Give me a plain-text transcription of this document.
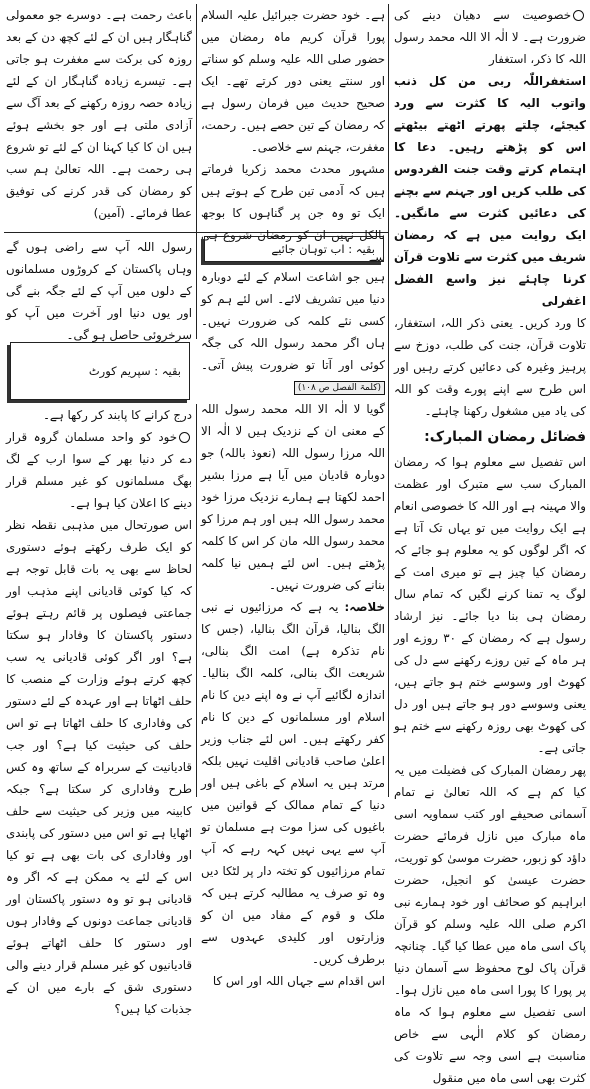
خصوصیت سے دھیان دینے کی ضرورت ہے۔ لا الٰہ الا اللہ محمد رسول اللہ کا ذکر، استغفار

استغفراللّٰہ ربی من کل ذنب واتوب الیہ کا کثرت سے ورد کیجئے، چلتے پھرتے اٹھتے بیٹھتے اس کو پڑھتے رہیں۔ دعا کا اہتمام کرتے وقت جنت الفردوس کی طلب کریں اور جہنم سے بچنے کی دعائیں کثرت سے مانگیں۔ ایک روایت میں ہے کہ رمضان شریف میں کثرت سے تلاوت قرآن کرنا چاہئے نیز واسع الفضل اغفرلی

کا ورد کریں۔ یعنی ذکر اللہ، استغفار، تلاوت قرآن، جنت کی طلب، دوزخ سے پرہیز وغیرہ کی دعائیں کرتے رہیں اور اس طرح سے اپنے پورے وقت کو اللہ کی یاد میں مشغول رکھنا چاہئے۔

فضائل رمضان المبارک:

اس تفصیل سے معلوم ہوا کہ رمضان المبارک سب سے متبرک اور عظمت والا مہینہ ہے اور اللہ کا خصوصی انعام ہے ایک روایت میں تو یہاں تک آتا ہے کہ اگر لوگوں کو یہ معلوم ہو جائے کہ رمضان کیا چیز ہے تو میری امت کے لوگ یہ تمنا کرنے لگیں کہ تمام سال رمضان ہی بنا دیا جائے۔ نیز ارشاد رسول ہے کہ رمضان کے ۳۰ روزے اور ہر ماہ کے تین روزے رکھنے سے دل کی کھوٹ اور وسوسے ختم ہو جاتے ہیں، یعنی وسوسے دور ہو جاتے ہیں اور دل کی کھوٹ بھی روزہ رکھنے سے ختم ہو جاتی ہے۔

پھر رمضان المبارک کی فضیلت میں یہ کیا کم ہے کہ اللہ تعالیٰ نے تمام آسمانی صحیفے اور کتب سماویہ اسی ماہ مبارک میں نازل فرمائے حضرت داؤد کو زبور، حضرت موسیٰ کو توریت، حضرت عیسیٰ کو انجیل، حضرت ابراہیم کو صحائف اور خود ہمارے نبی اکرم صلی اللہ علیہ وسلم کو قرآن پاک اسی ماہ میں عطا کیا گیا۔ چنانچہ قرآن پاک لوح محفوظ سے آسمان دنیا پر پورا کا پورا اسی ماہ میں نازل ہوا۔ اسی تفصیل سے معلوم ہوا کہ ماہ رمضان کو کلام الٰہی سے خاص مناسبت ہے اسی وجہ سے تلاوت کی کثرت بھی اسی ماہ میں منقول

ہے۔ خود حضرت جبرائیل علیہ السلام پورا قرآن کریم ماہ رمضان میں حضور صلی اللہ علیہ وسلم کو سناتے اور سنتے یعنی دور کرتے تھے۔ ایک صحیح حدیث میں فرمان رسول ہے کہ رمضان کے تین حصے ہیں۔ رحمت، مغفرت، جہنم سے خلاصی۔

مشہور محدث محمد زکریا فرماتے ہیں کہ آدمی تین طرح کے ہوتے ہیں ایک تو وہ جن پر گناہوں کا بوجھ بالکل نہیں ان کو رمضان شروع ہی سے

باعث رحمت ہے۔ دوسرے جو معمولی گناہگار ہیں ان کے لئے کچھ دن کے بعد روزہ کی برکت سے مغفرت ہو جاتی ہے۔ تیسرے زیادہ گناہگار ان کے لئے زیادہ حصہ روزہ رکھنے کے بعد آگ سے آزادی ملتی ہے اور جو بخشے ہوئے ہیں ان کا کیا کہنا ان کے لئے تو شروع ہی رحمت ہے۔ اللہ تعالیٰ ہم سب کو رمضان کی قدر کرنے کی توفیق عطا فرمائے۔ (آمین)

بقیہ : اب توہان جائیے

رسول اللہ آپ سے راضی ہوں گے وہاں پاکستان کے کروڑوں مسلمانوں کے دلوں میں آپ کے لئے جگہ بنے گی اور یوں دنیا اور آخرت میں آپ کو سرخروئی حاصل ہو گی۔

بقیہ : سپریم کورٹ

ہیں جو اشاعت اسلام کے لئے دوبارہ دنیا میں تشریف لائے۔ اس لئے ہم کو کسی نئے کلمہ کی ضرورت نہیں۔ ہاں اگر محمد رسول اللہ کی جگہ کوئی اور آتا تو ضرورت پیش آتی۔ (کلمۃ الفصل ص ۱۰۸)

گویا لا الٰہ الا اللہ محمد رسول اللہ کے معنی ان کے نزدیک ہیں لا الٰہ الا اللہ مرزا رسول اللہ (نعوذ باللہ) جو دوبارہ قادیان میں آیا ہے مرزا بشیر احمد لکھتا ہے ہمارے نزدیک مرزا خود محمد رسول اللہ ہیں اور ہم مرزا کو محمد رسول اللہ مان کر اس کا کلمہ پڑھتے ہیں۔ اس لئے ہمیں نیا کلمہ بنانے کی ضرورت نہیں۔

خلاصہ: یہ ہے کہ مرزائیوں نے نبی الگ بنالیا، قرآن الگ بنالیا، (جس کا نام تذکرہ ہے) امت الگ بنالی، شریعت الگ بنالی، کلمہ الگ بنالیا۔ اندازہ لگائیے آپ نے وہ اپنے دین کا نام اسلام اور مسلمانوں کے دین کا نام کفر رکھتے ہیں۔ اس لئے جناب وزیر اعلیٰ صاحب قادیانی اقلیت نہیں بلکہ مرتد ہیں یہ اسلام کے باغی ہیں اور دنیا کے تمام ممالک کے قوانین میں باغیوں کی سزا موت ہے مسلمان تو آپ سے یہی نہیں کہہ رہے کہ آپ تمام مرزائیوں کو تختہ دار پر لٹکا دیں وہ تو صرف یہ مطالبہ کرتے ہیں کہ ملک و قوم کے مفاد میں ان کو وزارتوں اور کلیدی عہدوں سے برطرف کریں۔

اس اقدام سے جہاں اللہ اور اس کا

درج کرانے کا پابند کر رکھا ہے۔

خود کو واحد مسلمان گروہ قرار دے کر دنیا بھر کے سوا ارب کے لگ بھگ مسلمانوں کو غیر مسلم قرار دینے کا اعلان کیا ہوا ہے۔

اس صورتحال میں مذہبی نقطہ نظر کو ایک طرف رکھتے ہوئے دستوری لحاظ سے بھی یہ بات قابل توجہ ہے کہ کیا کوئی قادیانی اپنے مذہب اور جماعتی فیصلوں پر قائم رہتے ہوئے دستور پاکستان کا وفادار ہو سکتا ہے؟ اور اگر کوئی قادیانی یہ سب کچھ کرتے ہوئے وزارت کے منصب کا حلف اٹھاتا ہے اور عہدہ کے لئے دستور کی وفاداری کا حلف اٹھاتا ہے تو اس حلف کی حیثیت کیا ہے؟ اور جب قادیانیت کے سربراہ کے ساتھ وہ کس طرح وفاداری کر سکتا ہے؟ جبکہ کابینہ میں وزیر کی حیثیت سے حلف اٹھایا ہے تو اس میں دستور کی پابندی اور وفاداری کی بات بھی ہے تو کیا اس کے لئے یہ ممکن ہے کہ اگر وہ قادیانی ہو تو وہ دستور پاکستان اور قادیانی جماعت دونوں کے وفادار ہوں اور دستور کا حلف اٹھاتے ہوئے قادیانیوں کو غیر مسلم قرار دینے والی دستوری شق کے بارے میں ان کے جذبات کیا ہیں؟
